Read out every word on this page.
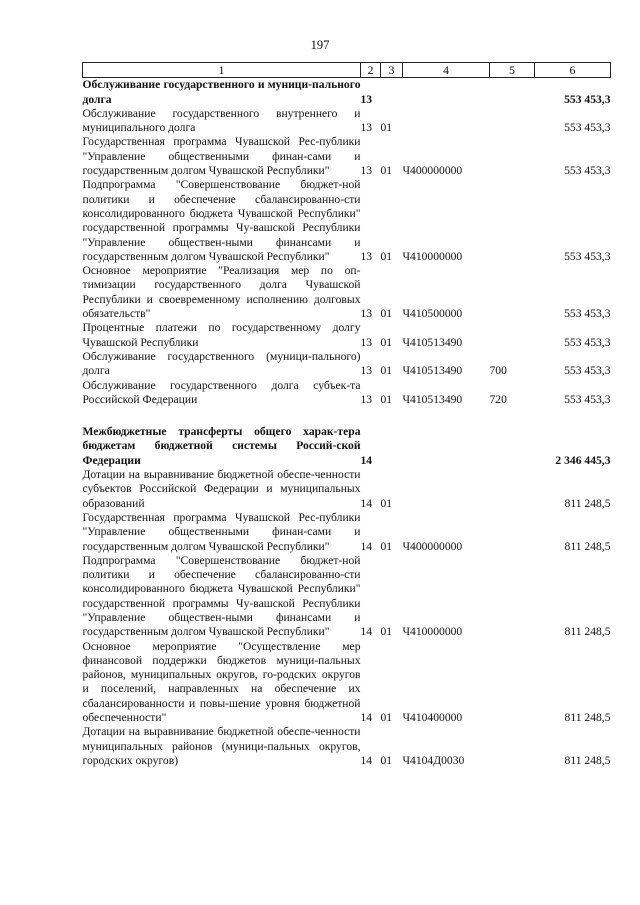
197
1	2	3	4	5	6
Обслуживание государственного и муници-пального долга	13				553 453,3
Обслуживание государственного внутреннего и муниципального долга	13	01			553 453,3
Государственная программа Чувашской Рес-публики "Управление общественными финан-сами и государственным долгом Чувашской Республики"	13	01	Ч400000000		553 453,3
Подпрограмма "Совершенствование бюджет-ной политики и обеспечение сбалансированно-сти консолидированного бюджета Чувашской Республики" государственной программы Чу-вашской Республики "Управление обществен-ными финансами и государственным долгом Чувашской Республики"	13	01	Ч410000000		553 453,3
Основное мероприятие "Реализация мер по оп-тимизации государственного долга Чувашской Республики и своевременному исполнению долговых обязательств"	13	01	Ч410500000		553 453,3
Процентные платежи по государственному долгу Чувашской Республики	13	01	Ч410513490		553 453,3
Обслуживание государственного (муници-пального) долга	13	01	Ч410513490	700	553 453,3
Обслуживание государственного долга субъек-та Российской Федерации	13	01	Ч410513490	720	553 453,3

Межбюджетные трансферты общего харак-тера бюджетам бюджетной системы Россий-ской Федерации	14				2 346 445,3
Дотации на выравнивание бюджетной обеспе-ченности субъектов Российской Федерации и муниципальных образований	14	01			811 248,5
Государственная программа Чувашской Рес-публики "Управление общественными финан-сами и государственным долгом Чувашской Республики"	14	01	Ч400000000		811 248,5
Подпрограмма "Совершенствование бюджет-ной политики и обеспечение сбалансированно-сти консолидированного бюджета Чувашской Республики" государственной программы Чу-вашской Республики "Управление обществен-ными финансами и государственным долгом Чувашской Республики"	14	01	Ч410000000		811 248,5
Основное мероприятие "Осуществление мер финансовой поддержки бюджетов муници-пальных районов, муниципальных округов, го-родских округов и поселений, направленных на обеспечение их сбалансированности и повы-шение уровня бюджетной обеспеченности"	14	01	Ч410400000		811 248,5
Дотации на выравнивание бюджетной обеспе-ченности муниципальных районов (муници-пальных округов, городских округов)	14	01	Ч4104Д0030		811 248,5
